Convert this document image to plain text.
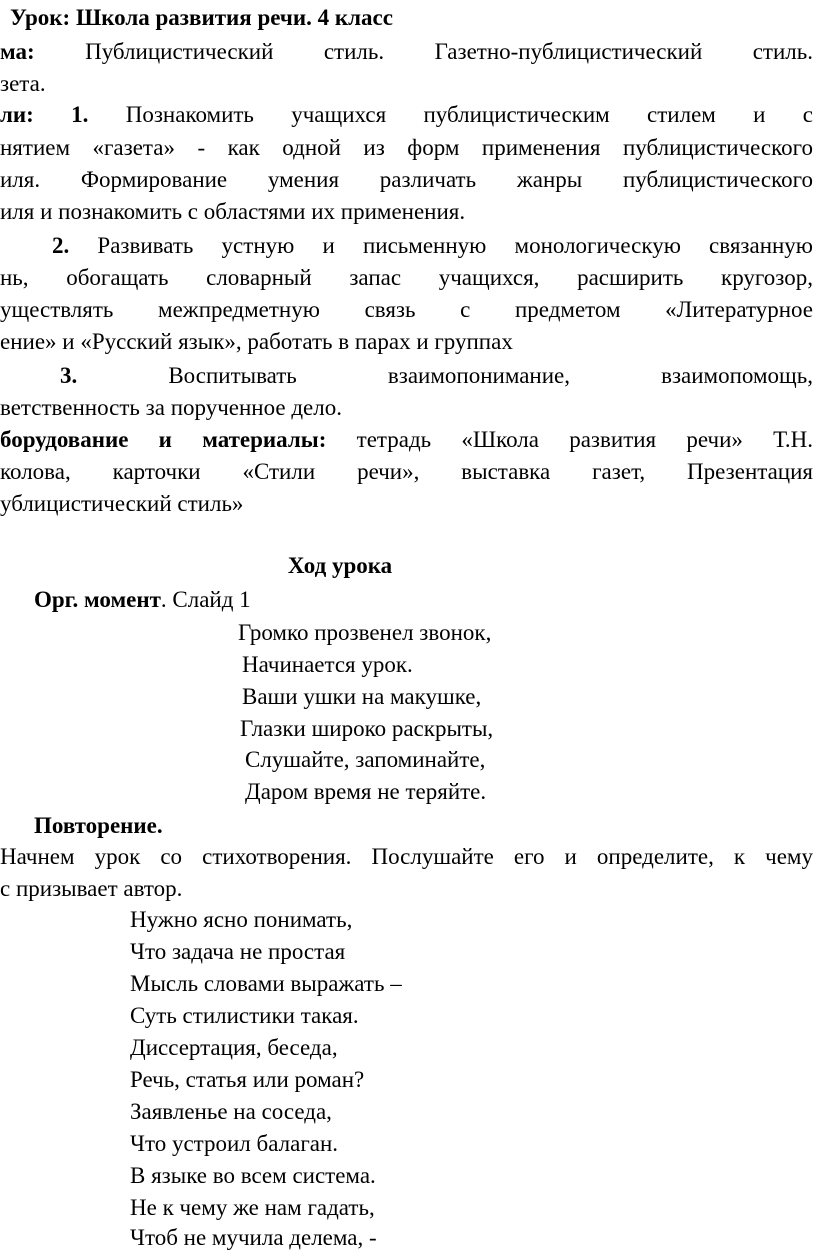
Урок: Школа развития речи. 4 класс
ма: Публицистический стиль. Газетно-публицистический стиль.
зета.
ли: 1. Познакомить учащихся публицистическим стилем и с
нятием «газета» - как одной из форм применения публицистического
иля. Формирование умения различать жанры публицистического
иля и познакомить с областями их применения.
2. Развивать устную и письменную монологическую связанную
нь, обогащать словарный запас учащихся, расширить кругозор,
уществлять межпредметную связь с предметом «Литературное
ение» и «Русский язык», работать в парах и группах
3.	Воспитывать взаимопонимание, взаимопомощь,
ветственность за порученное дело.
борудование и материалы: тетрадь «Школа развития речи» Т.Н.
колова, карточки «Стили речи», выставка газет, Презентация
ублицистический стиль»
Ход урока
Орг. момент. Слайд 1
Громко прозвенел звонок,
Начинается урок.
Ваши ушки на макушке,
Глазки широко раскрыты,
Слушайте, запоминайте,
Даром время не теряйте.
Повторение.
Начнем урок со стихотворения. Послушайте его и определите, к чему
с призывает автор.
Нужно ясно понимать,
Что задача не простая
Мысль словами выражать –
Суть стилистики такая.
Диссертация, беседа,
Речь, статья или роман?
Заявленье на соседа,
Что устроил балаган.
В языке во всем система.
Не к чему же нам гадать,
Чтоб не мучила делема, -
